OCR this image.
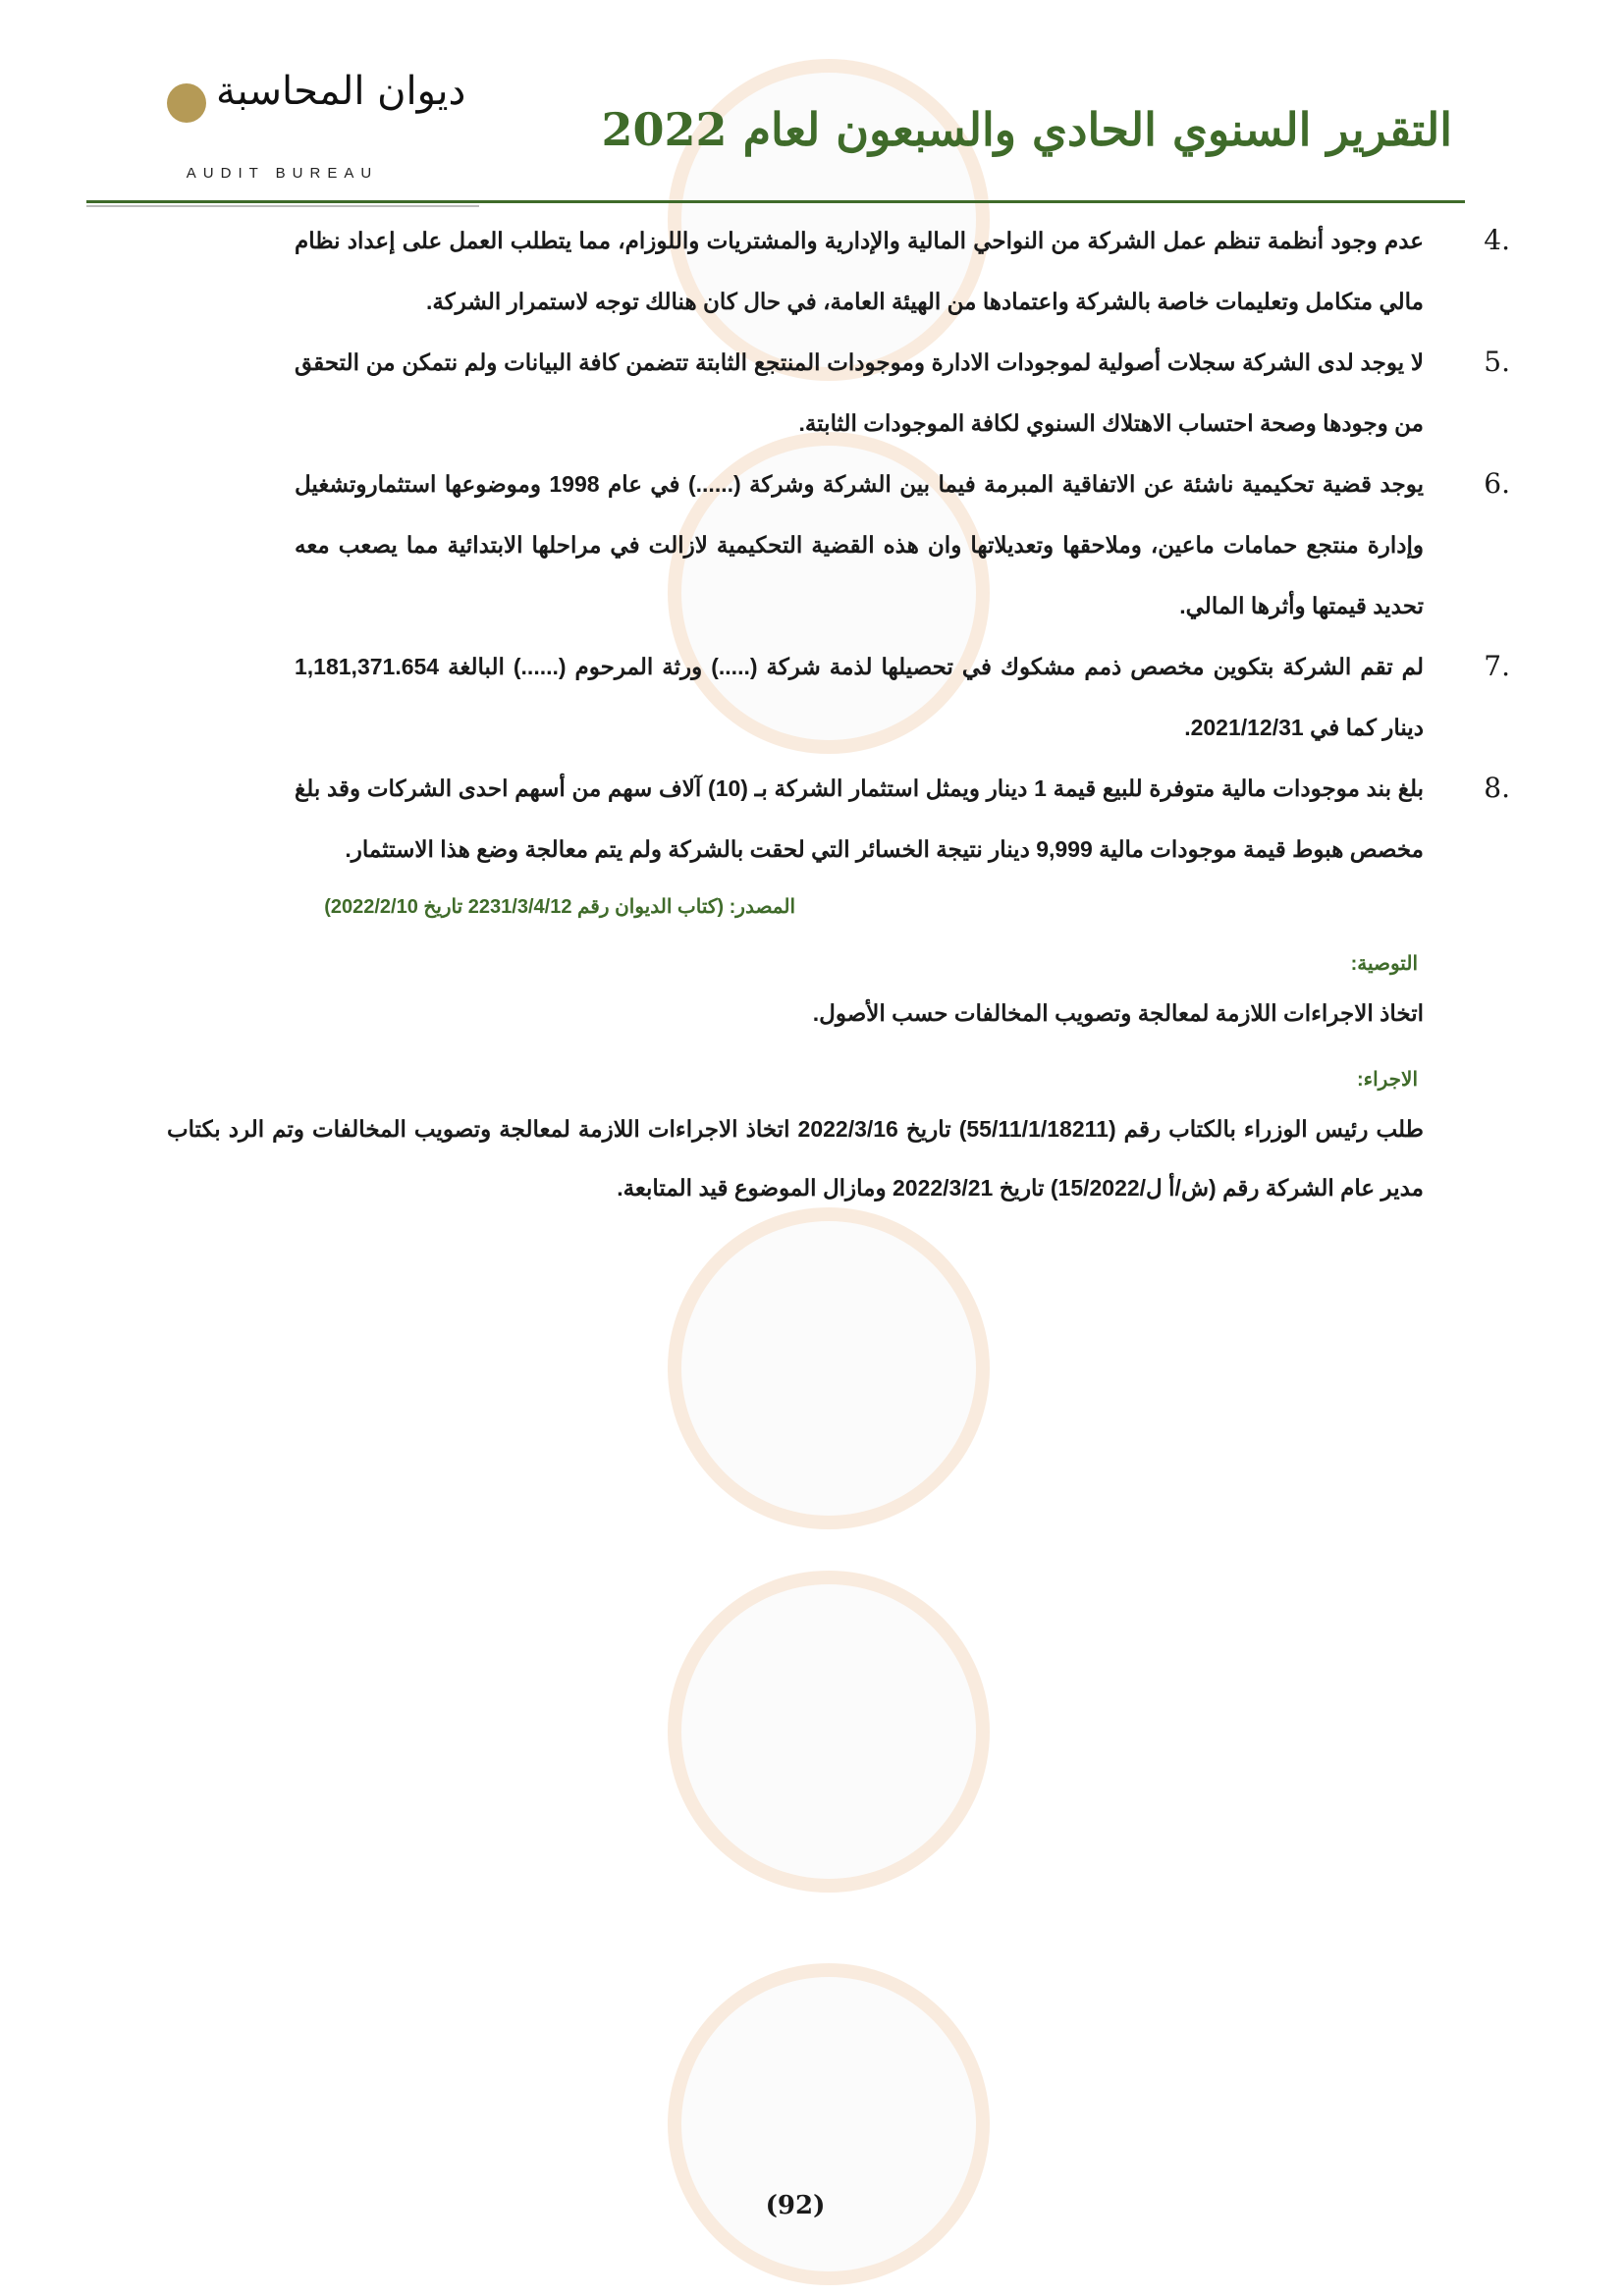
ديوان المحاسبة
AUDIT BUREAU
التقرير السنوي الحادي والسبعون لعام 2022
4.
عدم وجود أنظمة تنظم عمل الشركة من النواحي المالية والإدارية والمشتريات واللوزام، مما يتطلب العمل على إعداد نظام مالي متكامل وتعليمات خاصة بالشركة واعتمادها من الهيئة العامة، في حال كان هنالك توجه لاستمرار الشركة.
5.
لا يوجد لدى الشركة سجلات أصولية لموجودات الادارة وموجودات المنتجع الثابتة تتضمن كافة البيانات ولم نتمكن من التحقق من وجودها وصحة احتساب الاهتلاك السنوي لكافة الموجودات الثابتة.
6.
يوجد قضية تحكيمية ناشئة عن الاتفاقية المبرمة فيما بين الشركة وشركة (......) في عام 1998 وموضوعها استثماروتشغيل وإدارة منتجع حمامات ماعين، وملاحقها وتعديلاتها وان هذه القضية التحكيمية لازالت في مراحلها الابتدائية مما يصعب معه تحديد قيمتها وأثرها المالي.
7.
لم تقم الشركة بتكوين مخصص ذمم مشكوك في تحصيلها لذمة شركة (.....) ورثة المرحوم (......) البالغة 1,181,371.654 دينار كما في 2021/12/31.
8.
بلغ بند موجودات مالية متوفرة للبيع قيمة 1 دينار ويمثل استثمار الشركة بـ (10) آلاف سهم من أسهم احدى الشركات وقد بلغ مخصص هبوط قيمة موجودات مالية 9,999 دينار نتيجة الخسائر التي لحقت بالشركة ولم يتم معالجة وضع هذا الاستثمار.
المصدر: (كتاب الديوان رقم 2231/3/4/12 تاريخ 2022/2/10)
التوصية:
اتخاذ الاجراءات اللازمة لمعالجة وتصويب المخالفات حسب الأصول.
الاجراء:
طلب رئيس الوزراء بالكتاب رقم (55/11/1/18211) تاريخ 2022/3/16 اتخاذ الاجراءات اللازمة لمعالجة وتصويب المخالفات وتم الرد بكتاب مدير عام الشركة رقم (ش/أ ل/15/2022) تاريخ 2022/3/21 ومازال الموضوع قيد المتابعة.
(92)
